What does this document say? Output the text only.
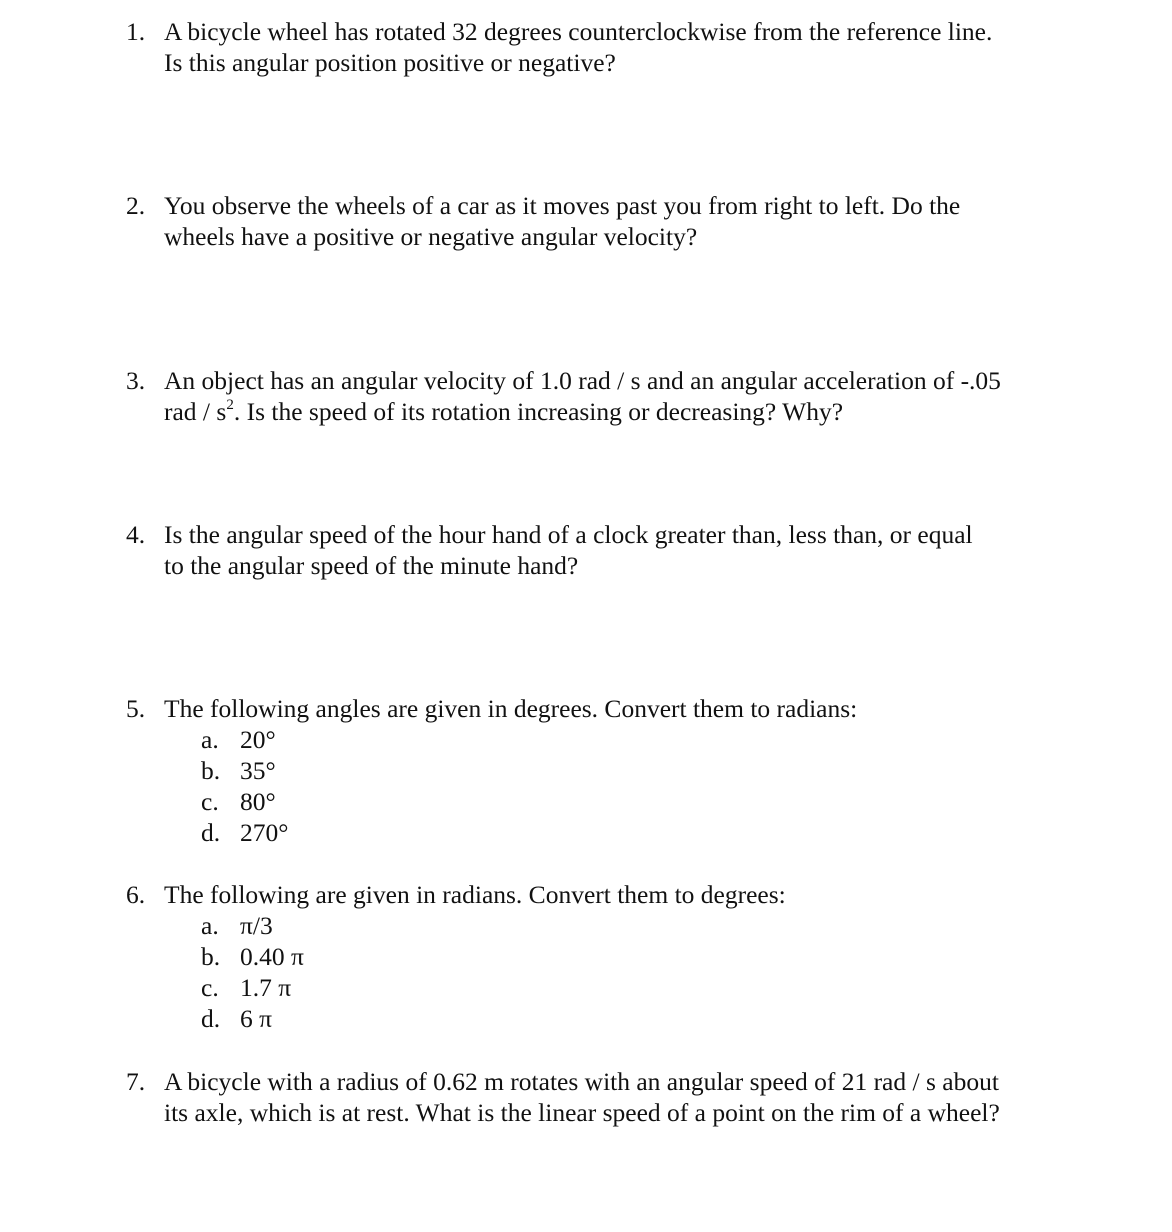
1. A bicycle wheel has rotated 32 degrees counterclockwise from the reference line.
Is this angular position positive or negative?
2. You observe the wheels of a car as it moves past you from right to left. Do the
wheels have a positive or negative angular velocity?
3. An object has an angular velocity of 1.0 rad / s and an angular acceleration of -.05
rad / $s^2$. Is the speed of its rotation increasing or decreasing? Why?
4. Is the angular speed of the hour hand of a clock greater than, less than, or equal
to the angular speed of the minute hand?
5. The following angles are given in degrees. Convert them to radians:
a. 20°
b. 35°
c. 80°
d. 270°
6. The following are given in radians. Convert them to degrees:
a. π/3
b. 0.40 π
c. 1.7 π
d. 6 π
7. A bicycle with a radius of 0.62 m rotates with an angular speed of 21 rad / s about
its axle, which is at rest. What is the linear speed of a point on the rim of a wheel?
